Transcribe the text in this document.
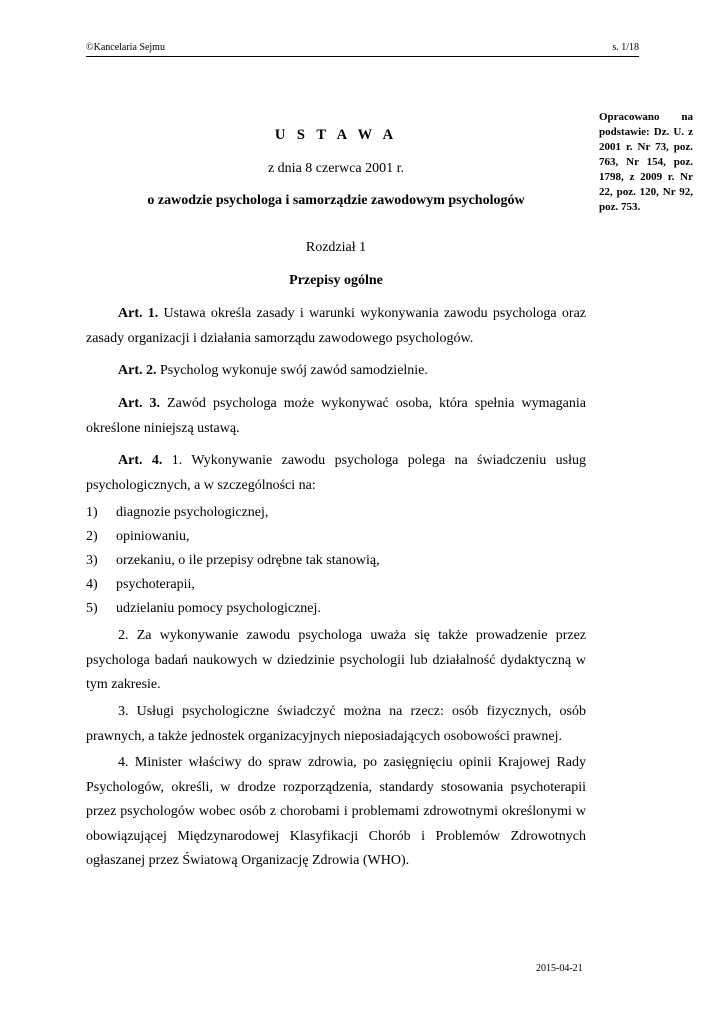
©Kancelaria Sejmu	s. 1/18
Opracowano na podstawie: Dz. U. z 2001 r. Nr 73, poz. 763, Nr 154, poz. 1798, z 2009 r. Nr 22, poz. 120, Nr 92, poz. 753.
U S T A W A
z dnia 8 czerwca 2001 r.
o zawodzie psychologa i samorządzie zawodowym psychologów
Rozdział 1
Przepisy ogólne
Art. 1. Ustawa określa zasady i warunki wykonywania zawodu psychologa oraz zasady organizacji i działania samorządu zawodowego psychologów.
Art. 2. Psycholog wykonuje swój zawód samodzielnie.
Art. 3. Zawód psychologa może wykonywać osoba, która spełnia wymagania określone niniejszą ustawą.
Art. 4. 1. Wykonywanie zawodu psychologa polega na świadczeniu usług psychologicznych, a w szczególności na:
1) diagnozie psychologicznej,
2) opiniowaniu,
3) orzekaniu, o ile przepisy odrębne tak stanowią,
4) psychoterapii,
5) udzielaniu pomocy psychologicznej.
2. Za wykonywanie zawodu psychologa uważa się także prowadzenie przez psychologa badań naukowych w dziedzinie psychologii lub działalność dydaktyczną w tym zakresie.
3. Usługi psychologiczne świadczyć można na rzecz: osób fizycznych, osób prawnych, a także jednostek organizacyjnych nieposiadających osobowości prawnej.
4. Minister właściwy do spraw zdrowia, po zasięgnięciu opinii Krajowej Rady Psychologów, określi, w drodze rozporządzenia, standardy stosowania psychoterapii przez psychologów wobec osób z chorobami i problemami zdrowotnymi określonymi w obowiązującej Międzynarodowej Klasyfikacji Chorób i Problemów Zdrowotnych ogłaszanej przez Światową Organizację Zdrowia (WHO).
2015-04-21
